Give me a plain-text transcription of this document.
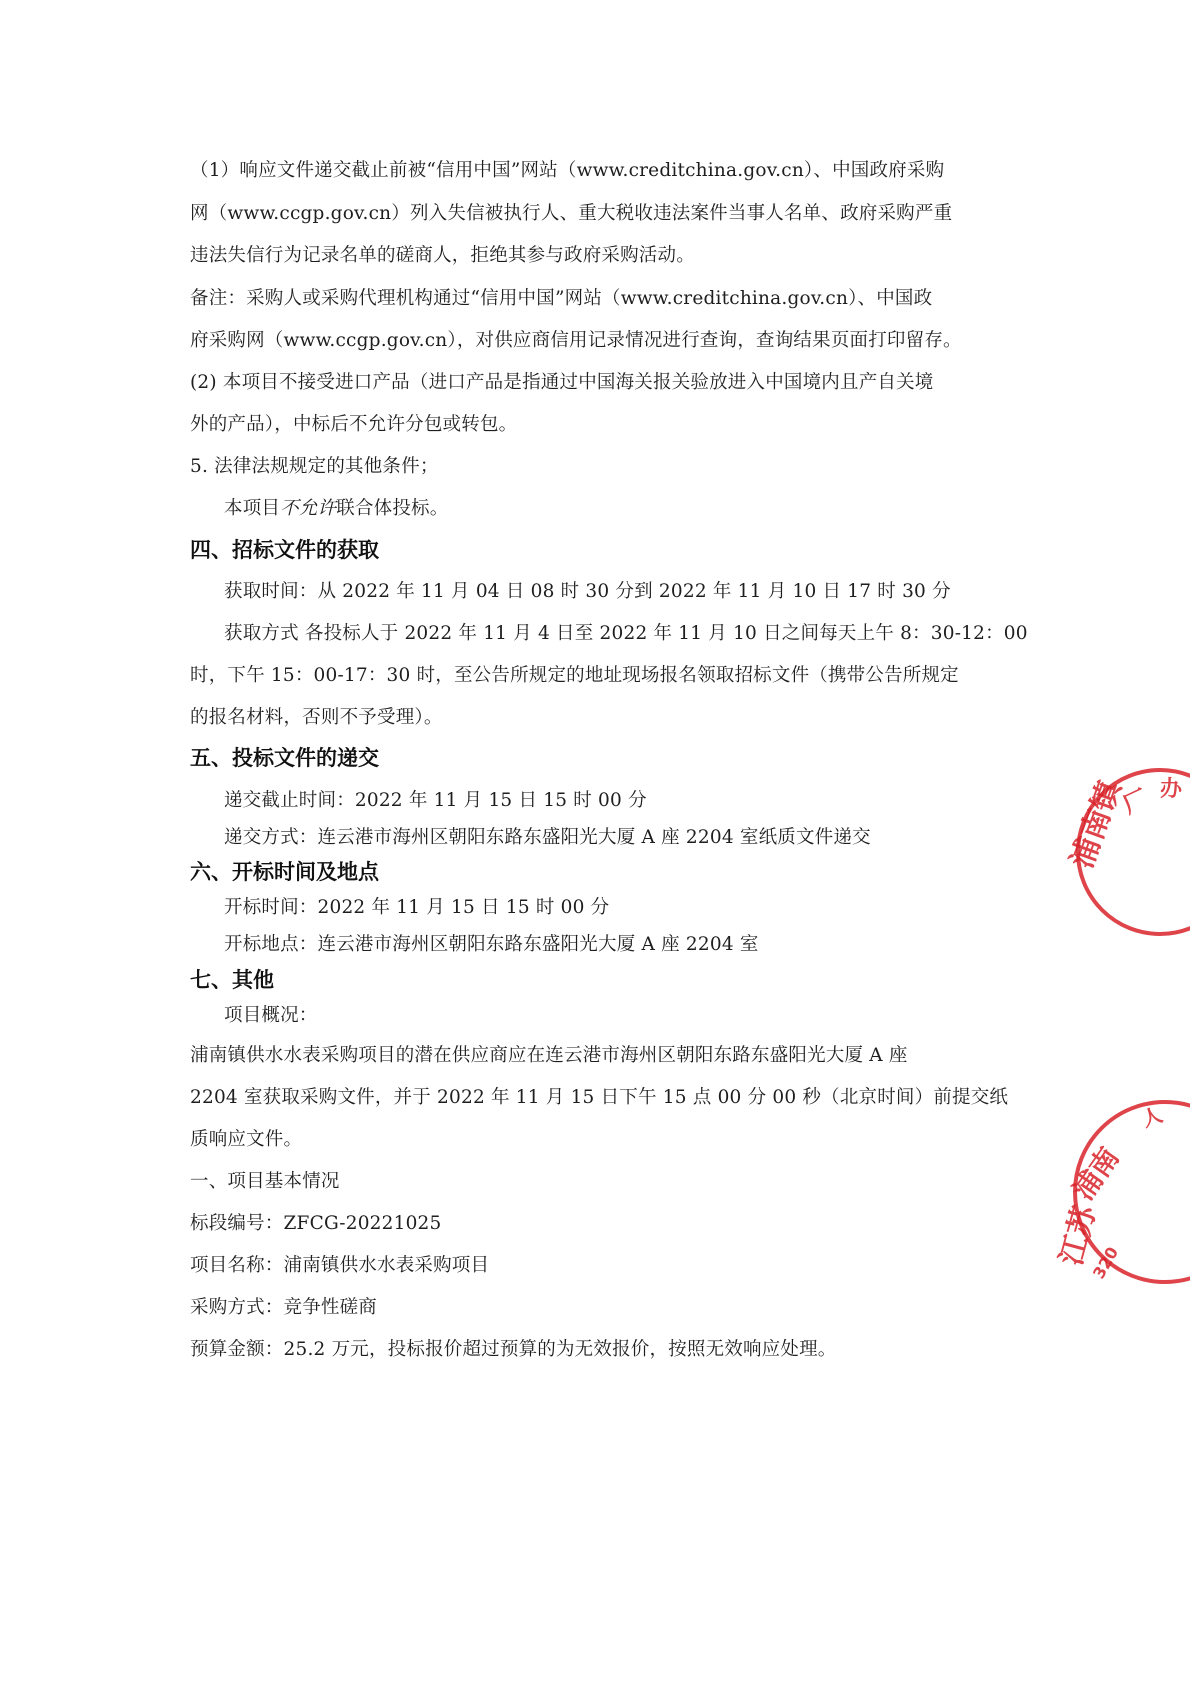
（1）响应文件递交截止前被“信用中国”网站（www.creditchina.gov.cn）、中国政府采购
网（www.ccgp.gov.cn）列入失信被执行人、重大税收违法案件当事人名单、政府采购严重
违法失信行为记录名单的磋商人，拒绝其参与政府采购活动。
备注：采购人或采购代理机构通过“信用中国”网站（www.creditchina.gov.cn）、中国政
府采购网（www.ccgp.gov.cn），对供应商信用记录情况进行查询，查询结果页面打印留存。
(2) 本项目不接受进口产品（进口产品是指通过中国海关报关验放进入中国境内且产自关境
外的产品），中标后不允许分包或转包。
5. 法律法规规定的其他条件；
本项目不允许联合体投标。
四、招标文件的获取
获取时间：从 2022 年 11 月 04 日 08 时 30 分到 2022 年 11 月 10 日 17 时 30 分
获取方式 各投标人于 2022 年 11 月 4 日至 2022 年 11 月 10 日之间每天上午 8：30-12：00
时，下午 15：00-17：30 时，至公告所规定的地址现场报名领取招标文件（携带公告所规定
的报名材料，否则不予受理）。
五、投标文件的递交
递交截止时间：2022 年 11 月 15 日 15 时 00 分
递交方式：连云港市海州区朝阳东路东盛阳光大厦 A 座 2204 室纸质文件递交
六、开标时间及地点
开标时间：2022 年 11 月 15 日 15 时 00 分
开标地点：连云港市海州区朝阳东路东盛阳光大厦 A 座 2204 室
七、其他
项目概况：
浦南镇供水水表采购项目的潜在供应商应在连云港市海州区朝阳东路东盛阳光大厦 A 座
2204 室获取采购文件，并于 2022 年 11 月 15 日下午 15 点 00 分 00 秒（北京时间）前提交纸
质响应文件。
一、项目基本情况
标段编号：ZFCG-20221025
项目名称：浦南镇供水水表采购项目
采购方式：竞争性磋商
预算金额：25.2 万元，投标报价超过预算的为无效报价，按照无效响应处理。
浦南镇
厂 办
江苏
浦南
人
320
